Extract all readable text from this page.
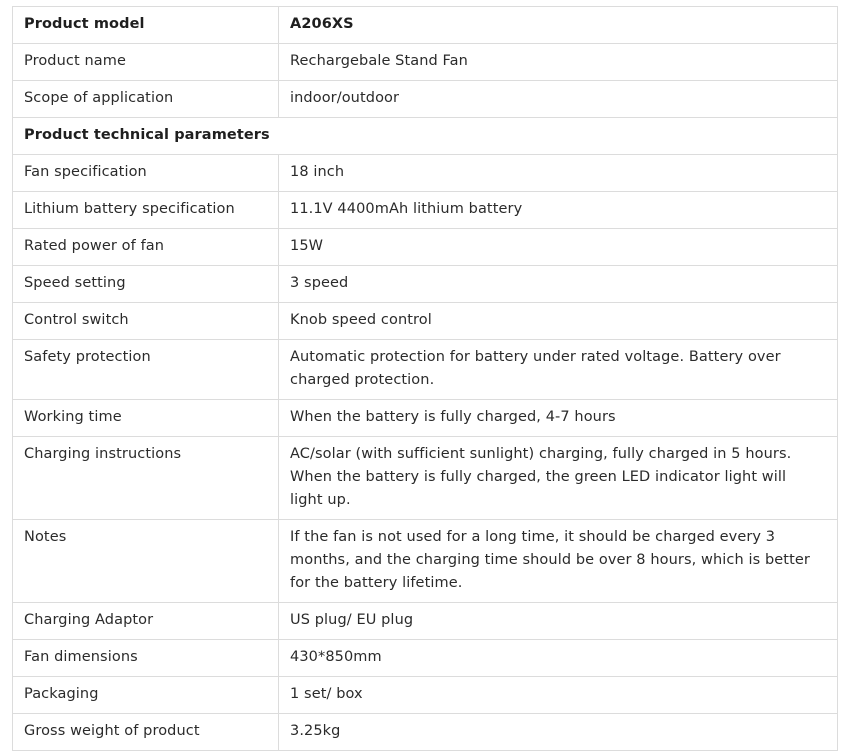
Product model	A206XS
Product name	Rechargebale Stand Fan
Scope of application	indoor/outdoor
Product technical parameters	
Fan specification	18 inch
Lithium battery specification	11.1V 4400mAh lithium battery
Rated power of fan	15W
Speed setting	3 speed
Control switch	Knob speed control
Safety protection	Automatic protection for battery under rated voltage. Battery over charged protection.
Working time	When the battery is fully charged, 4-7 hours
Charging instructions	AC/solar (with sufficient sunlight) charging, fully charged in 5 hours. When the battery is fully charged, the green LED indicator light will light up.
Notes	If the fan is not used for a long time, it should be charged every 3 months, and the charging time should be over 8 hours, which is better for the battery lifetime.
Charging Adaptor	US plug/ EU plug
Fan dimensions	430*850mm
Packaging	1 set/ box
Gross weight of product	3.25kg
